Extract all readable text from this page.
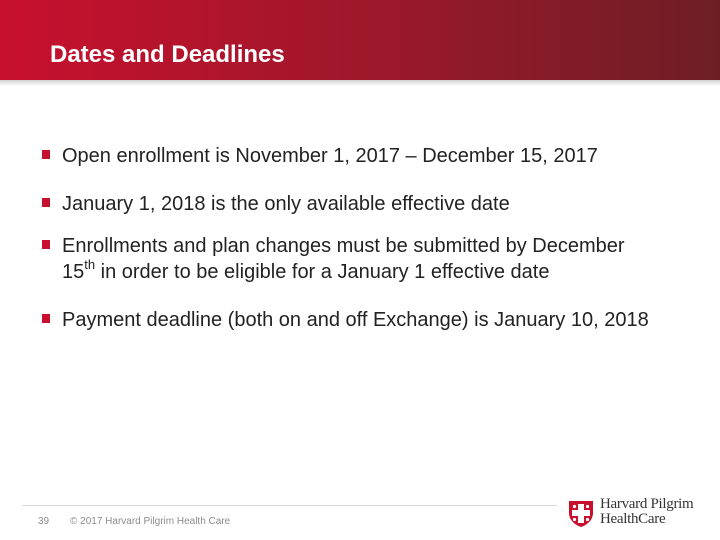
Dates and Deadlines
Open enrollment is November 1, 2017 – December 15, 2017
January 1, 2018 is the only available effective date
Enrollments and plan changes must be submitted by December 15th in order to be eligible for a January 1 effective date
Payment deadline (both on and off Exchange) is January 10, 2018
39 © 2017 Harvard Pilgrim Health Care
Harvard Pilgrim
HealthCare
